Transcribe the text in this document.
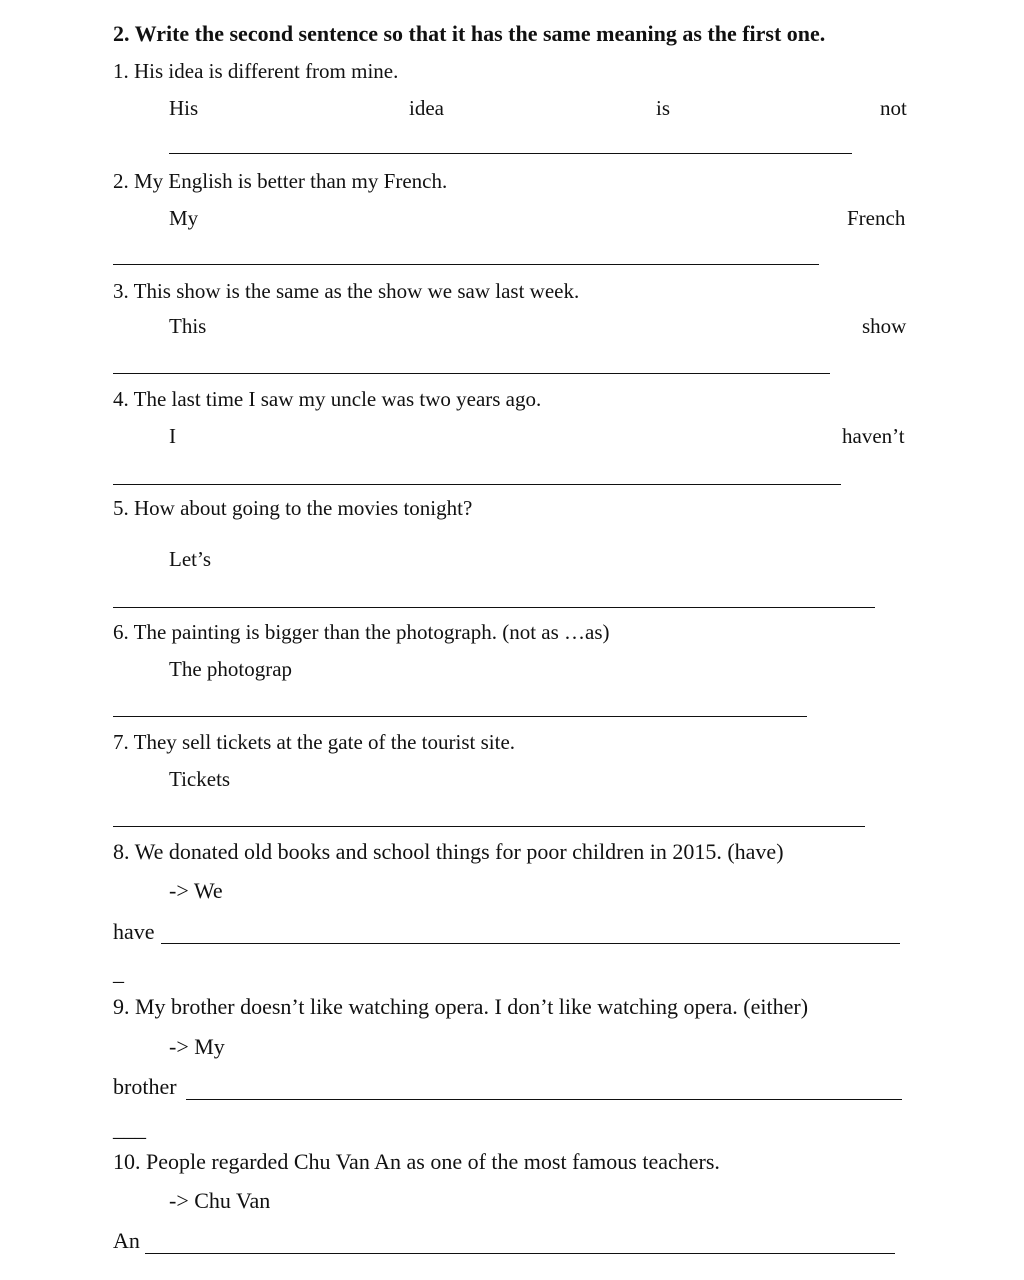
2. Write the second sentence so that it has the same meaning as the first one.
1. His idea is different from mine.
His	idea	is	not
2. My English is better than my French.
My	French
3. This show is the same as the show we saw last week.
This	show
4. The last time I saw my uncle was two years ago.
I	haven’t
5. How about going to the movies tonight?
Let’s
6. The painting is bigger than the photograph. (not as …as)
The photograp
7. They sell tickets at the gate of the tourist site.
Tickets
8. We donated old books and school things for poor children in 2015. (have)
-> We
have
_
9. My brother doesn’t like watching opera. I don’t like watching opera. (either)
-> My
brother
___
10. People regarded Chu Van An as one of the most famous teachers.
-> Chu Van
An
